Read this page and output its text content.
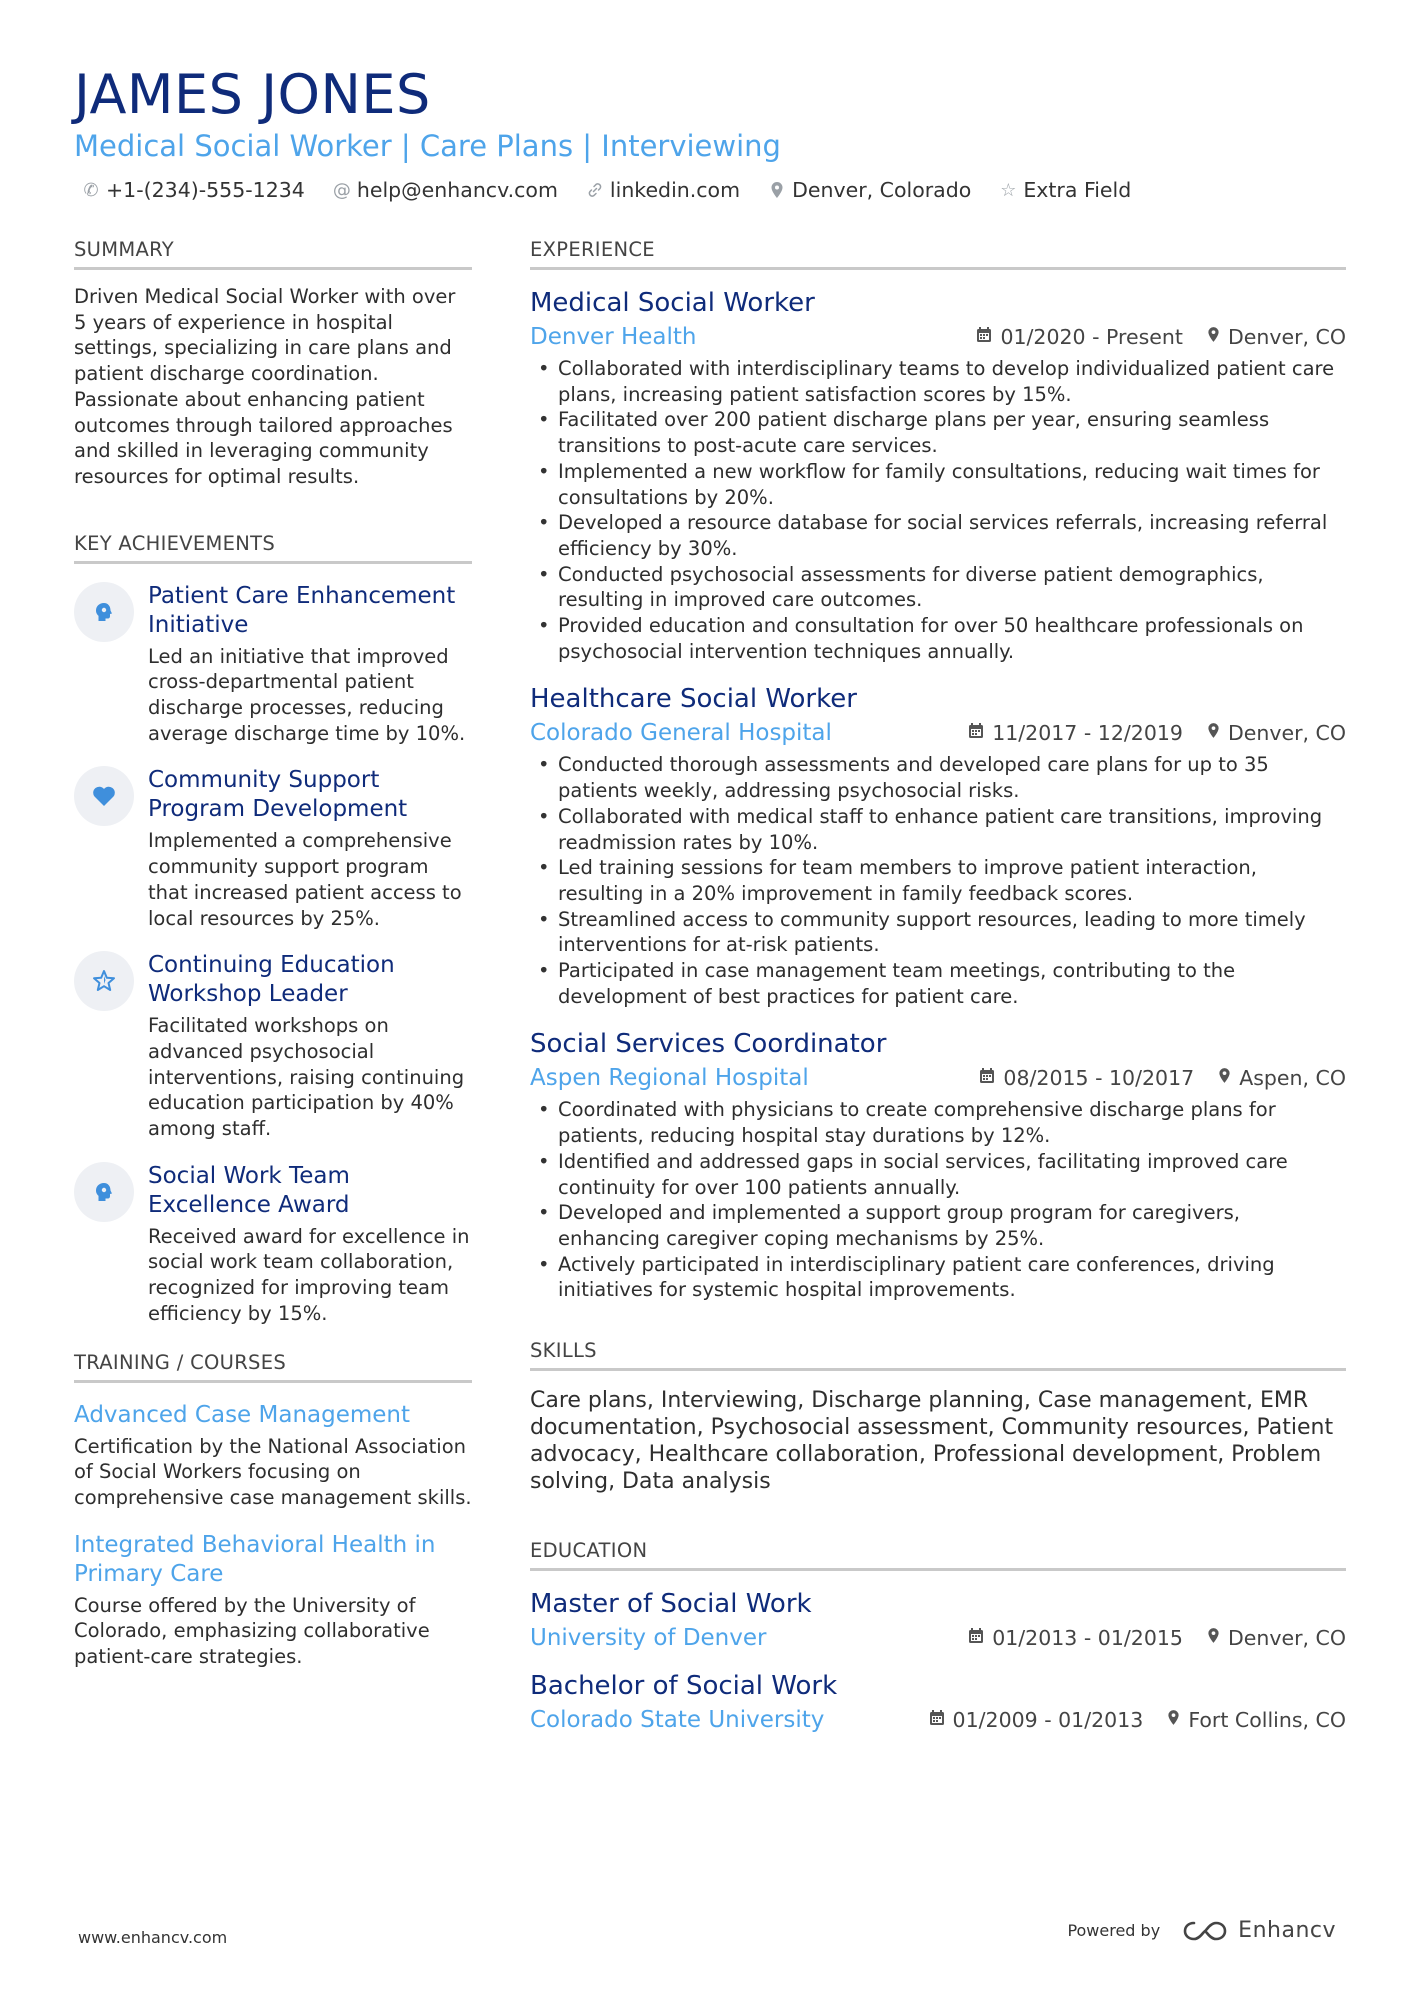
JAMES JONES
Medical Social Worker | Care Plans | Interviewing
✆ +1-(234)-555-1234 @ help@enhancv.com	linkedin.com	Denver, Colorado ☆ Extra Field
SUMMARY
Driven Medical Social Worker with over 5 years of experience in hospital settings, specializing in care plans and patient discharge coordination. Passionate about enhancing patient outcomes through tailored approaches and skilled in leveraging community resources for optimal results.
KEY ACHIEVEMENTS
Patient Care Enhancement Initiative
Led an initiative that improved cross-departmental patient discharge processes, reducing average discharge time by 10%.
Community Support Program Development
Implemented a comprehensive community support program that increased patient access to local resources by 25%.
Continuing Education Workshop Leader
Facilitated workshops on advanced psychosocial interventions, raising continuing education participation by 40% among staff.
Social Work Team Excellence Award
Received award for excellence in social work team collaboration, recognized for improving team efficiency by 15%.
TRAINING / COURSES
Advanced Case Management
Certification by the National Association of Social Workers focusing on comprehensive case management skills.
Integrated Behavioral Health in Primary Care
Course offered by the University of Colorado, emphasizing collaborative patient-care strategies.
EXPERIENCE
Medical Social Worker
Denver Health	01/2020 - Present Denver, CO
• Collaborated with interdisciplinary teams to develop individualized patient care plans, increasing patient satisfaction scores by 15%.
• Facilitated over 200 patient discharge plans per year, ensuring seamless transitions to post-acute care services.
• Implemented a new workflow for family consultations, reducing wait times for consultations by 20%.
• Developed a resource database for social services referrals, increasing referral efficiency by 30%.
• Conducted psychosocial assessments for diverse patient demographics, resulting in improved care outcomes.
• Provided education and consultation for over 50 healthcare professionals on psychosocial intervention techniques annually.
Healthcare Social Worker
Colorado General Hospital	11/2017 - 12/2019 Denver, CO
• Conducted thorough assessments and developed care plans for up to 35 patients weekly, addressing psychosocial risks.
• Collaborated with medical staff to enhance patient care transitions, improving readmission rates by 10%.
• Led training sessions for team members to improve patient interaction, resulting in a 20% improvement in family feedback scores.
• Streamlined access to community support resources, leading to more timely interventions for at-risk patients.
• Participated in case management team meetings, contributing to the development of best practices for patient care.
Social Services Coordinator
Aspen Regional Hospital	08/2015 - 10/2017 Aspen, CO
• Coordinated with physicians to create comprehensive discharge plans for patients, reducing hospital stay durations by 12%.
• Identified and addressed gaps in social services, facilitating improved care continuity for over 100 patients annually.
• Developed and implemented a support group program for caregivers, enhancing caregiver coping mechanisms by 25%.
• Actively participated in interdisciplinary patient care conferences, driving initiatives for systemic hospital improvements.
SKILLS
Care plans, Interviewing, Discharge planning, Case management, EMR documentation, Psychosocial assessment, Community resources, Patient advocacy, Healthcare collaboration, Professional development, Problem solving, Data analysis
EDUCATION
Master of Social Work
University of Denver	01/2013 - 01/2015 Denver, CO
Bachelor of Social Work
Colorado State University	01/2009 - 01/2013 Fort Collins, CO
www.enhancv.com	Powered by	Enhancv
